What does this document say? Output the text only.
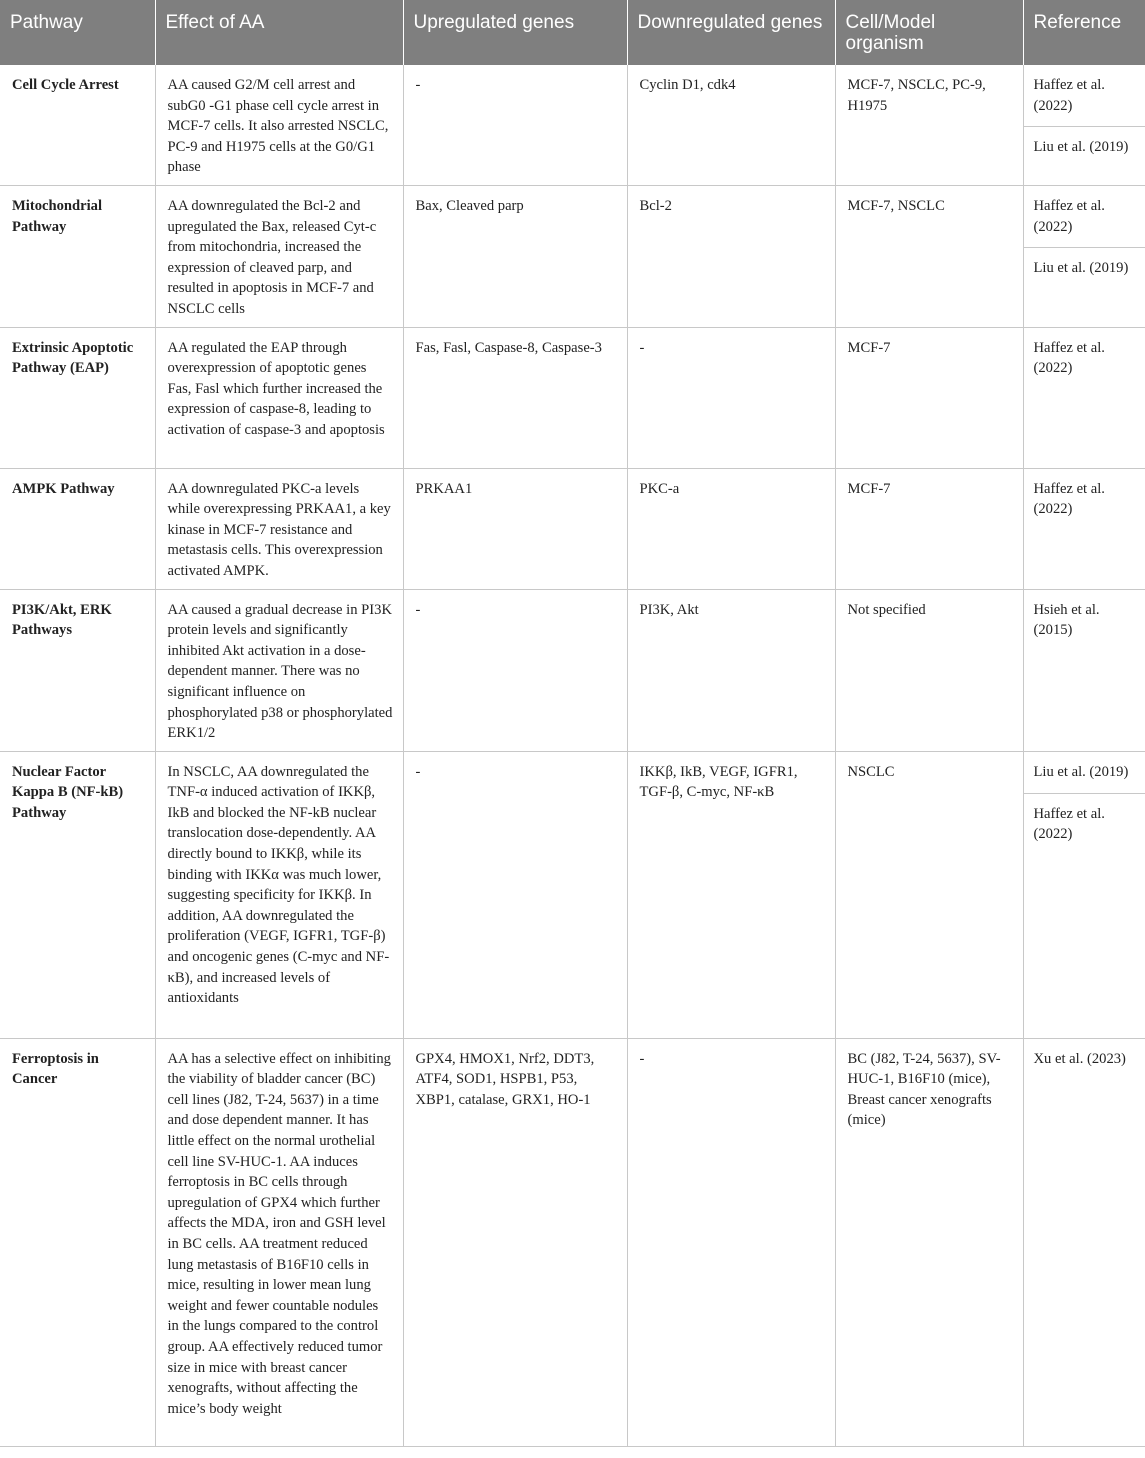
Pathway	Effect of AA	Upregulated genes	Downregulated genes	Cell/Model organism	Reference
Cell Cycle Arrest	AA caused G2/M cell arrest and subG0 -G1 phase cell cycle arrest in MCF-7 cells. It also arrested NSCLC, PC-9 and H1975 cells at the G0/G1 phase	-	Cyclin D1, cdk4	MCF-7, NSCLC, PC-9, H1975	Haffez et al. (2022)
Liu et al. (2019)

Mitochondrial Pathway	AA downregulated the Bcl-2 and upregulated the Bax, released Cyt-c from mitochondria, increased the expression of cleaved parp, and resulted in apoptosis in MCF-7 and NSCLC cells	Bax, Cleaved parp	Bcl-2	MCF-7, NSCLC	Haffez et al. (2022)
Liu et al. (2019)

Extrinsic Apoptotic Pathway (EAP)	AA regulated the EAP through overexpression of apoptotic genes Fas, Fasl which further increased the expression of caspase-8, leading to activation of caspase-3 and apoptosis	Fas, Fasl, Caspase-8, Caspase-3	-	MCF-7	Haffez et al. (2022)

AMPK Pathway	AA downregulated PKC-a levels while overexpressing PRKAA1, a key kinase in MCF-7 resistance and metastasis cells. This overexpression activated AMPK.	PRKAA1	PKC-a	MCF-7	Haffez et al. (2022)

PI3K/Akt, ERK Pathways	AA caused a gradual decrease in PI3K protein levels and significantly inhibited Akt activation in a dose-dependent manner. There was no significant influence on phosphorylated p38 or phosphorylated ERK1/2	-	PI3K, Akt	Not specified	Hsieh et al. (2015)

Nuclear Factor Kappa B (NF-kB) Pathway	In NSCLC, AA downregulated the TNF-α induced activation of IKKβ, IkB and blocked the NF-kB nuclear translocation dose-dependently. AA directly bound to IKKβ, while its binding with IKKα was much lower, suggesting specificity for IKKβ. In addition, AA downregulated the proliferation (VEGF, IGFR1, TGF-β) and oncogenic genes (C-myc and NF-κB), and increased levels of antioxidants	-	IKKβ, IkB, VEGF, IGFR1, TGF-β, C-myc, NF-κB	NSCLC	Liu et al. (2019)
Haffez et al. (2022)

Ferroptosis in Cancer	AA has a selective effect on inhibiting the viability of bladder cancer (BC) cell lines (J82, T-24, 5637) in a time and dose dependent manner. It has little effect on the normal urothelial cell line SV-HUC-1. AA induces ferroptosis in BC cells through upregulation of GPX4 which further affects the MDA, iron and GSH level in BC cells. AA treatment reduced lung metastasis of B16F10 cells in mice, resulting in lower mean lung weight and fewer countable nodules in the lungs compared to the control group. AA effectively reduced tumor size in mice with breast cancer xenografts, without affecting the mice’s body weight	GPX4, HMOX1, Nrf2, DDT3, ATF4, SOD1, HSPB1, P53, XBP1, catalase, GRX1, HO-1	-	BC (J82, T-24, 5637), SV-HUC-1, B16F10 (mice), Breast cancer xenografts (mice)	Xu et al. (2023)
